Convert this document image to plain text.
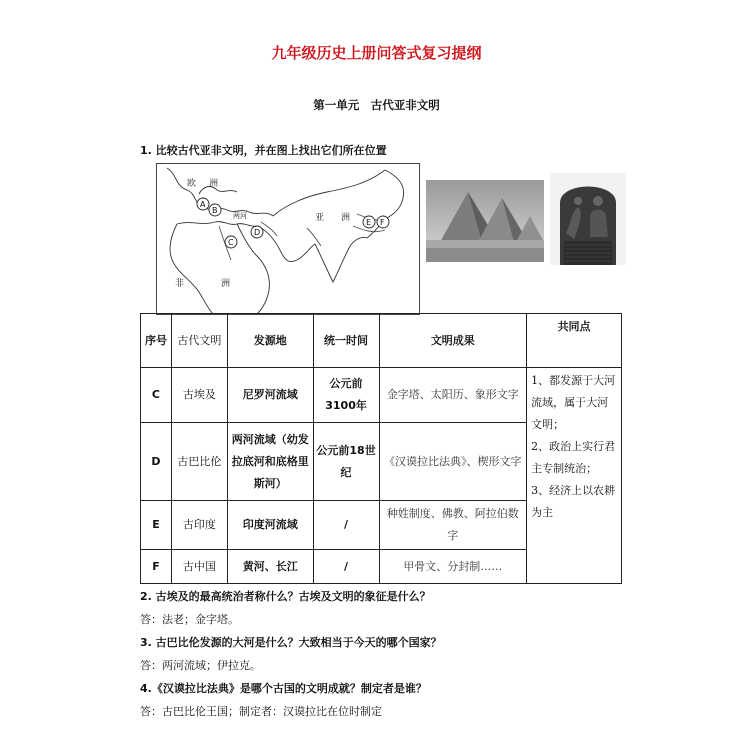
九年级历史上册问答式复习提纲
第一单元　古代亚非文明
1. 比较古代亚非文明，并在图上找出它们所在位置
欧 洲
亚 洲
非	洲
两河
A
B
C
D
E F
序号	古代文明	发源地	统一时间	文明成果	共同点
C	古埃及	尼罗河流域	公元前3100年	金字塔、太阳历、象形文字	1、都发源于大河流域，属于大河文明；
2、政治上实行君主专制统治；
3、经济上以农耕为主

D	古巴比伦	两河流域（幼发拉底河和底格里斯河）	公元前18世纪	《汉谟拉比法典》、楔形文字	
E	古印度	印度河流域	/	种姓制度、佛教、阿拉伯数字	
F	古中国	黄河、长江	/	甲骨文、分封制……	
2. 古埃及的最高统治者称什么？古埃及文明的象征是什么？
答：法老；金字塔。
3. 古巴比伦发源的大河是什么？大致相当于今天的哪个国家？
答：两河流域；伊拉克。
4.《汉谟拉比法典》是哪个古国的文明成就？制定者是谁？
答：古巴比伦王国；制定者：汉谟拉比在位时制定
